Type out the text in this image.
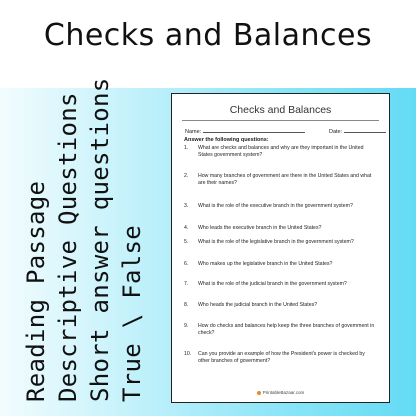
Checks and Balances
Reading Passage Descriptive Questions Short answer questions True \ False
Checks and Balances
Name:	Date:
Answer the following questions:
1.	What are checks and balances and why are they important in the United States government system?
2.	How many branches of government are there in the United States and what are their names?
3.	What is the role of the executive branch in the government system?
4.	Who leads the executive branch in the United States?
5.	What is the role of the legislative branch in the government system?
6.	Who makes up the legislative branch in the United States?
7.	What is the role of the judicial branch in the government system?
8.	Who heads the judicial branch in the United States?
9.	How do checks and balances help keep the three branches of government in check?
10.	Can you provide an example of how the President's power is checked by other branches of government?
PrintableBazaar.com
